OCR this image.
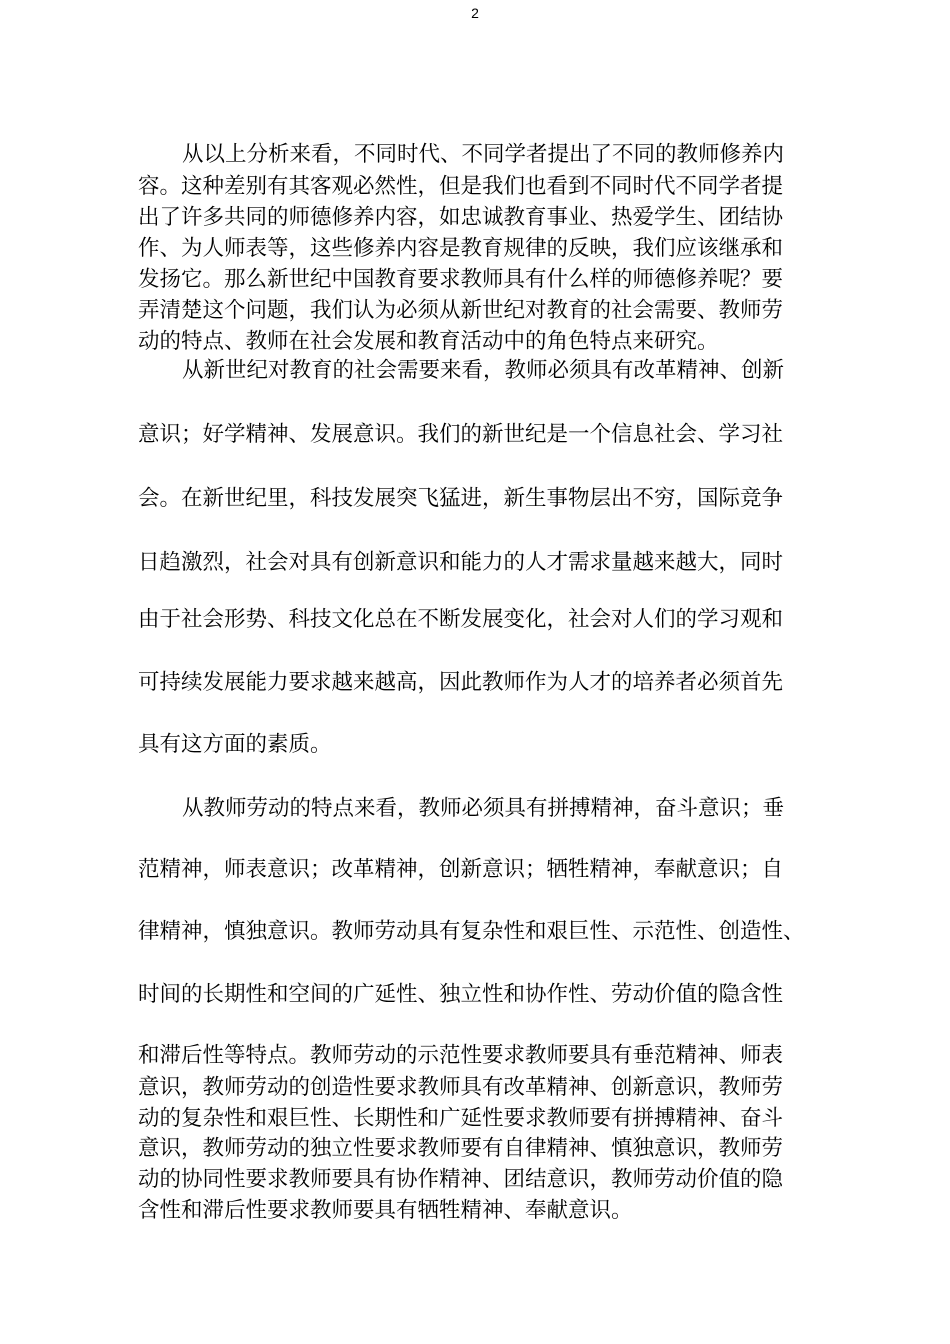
2

从以上分析来看，不同时代、不同学者提出了不同的教师修养内

容。这种差别有其客观必然性，但是我们也看到不同时代不同学者提

出了许多共同的师德修养内容，如忠诚教育事业、热爱学生、团结协

作、为人师表等，这些修养内容是教育规律的反映，我们应该继承和

发扬它。那么新世纪中国教育要求教师具有什么样的师德修养呢？要

弄清楚这个问题，我们认为必须从新世纪对教育的社会需要、教师劳

动的特点、教师在社会发展和教育活动中的角色特点来研究。

从新世纪对教育的社会需要来看，教师必须具有改革精神、创新

意识；好学精神、发展意识。我们的新世纪是一个信息社会、学习社

会。在新世纪里，科技发展突飞猛进，新生事物层出不穷，国际竞争

日趋激烈，社会对具有创新意识和能力的人才需求量越来越大，同时

由于社会形势、科技文化总在不断发展变化，社会对人们的学习观和

可持续发展能力要求越来越高，因此教师作为人才的培养者必须首先

具有这方面的素质。

从教师劳动的特点来看，教师必须具有拼搏精神，奋斗意识；垂

范精神，师表意识；改革精神，创新意识；牺牲精神，奉献意识；自

律精神，慎独意识。教师劳动具有复杂性和艰巨性、示范性、创造性、

时间的长期性和空间的广延性、独立性和协作性、劳动价值的隐含性

和滞后性等特点。教师劳动的示范性要求教师要具有垂范精神、师表

意识，教师劳动的创造性要求教师具有改革精神、创新意识，教师劳

动的复杂性和艰巨性、长期性和广延性要求教师要有拼搏精神、奋斗

意识，教师劳动的独立性要求教师要有自律精神、慎独意识，教师劳

动的协同性要求教师要具有协作精神、团结意识，教师劳动价值的隐

含性和滞后性要求教师要具有牺牲精神、奉献意识。
